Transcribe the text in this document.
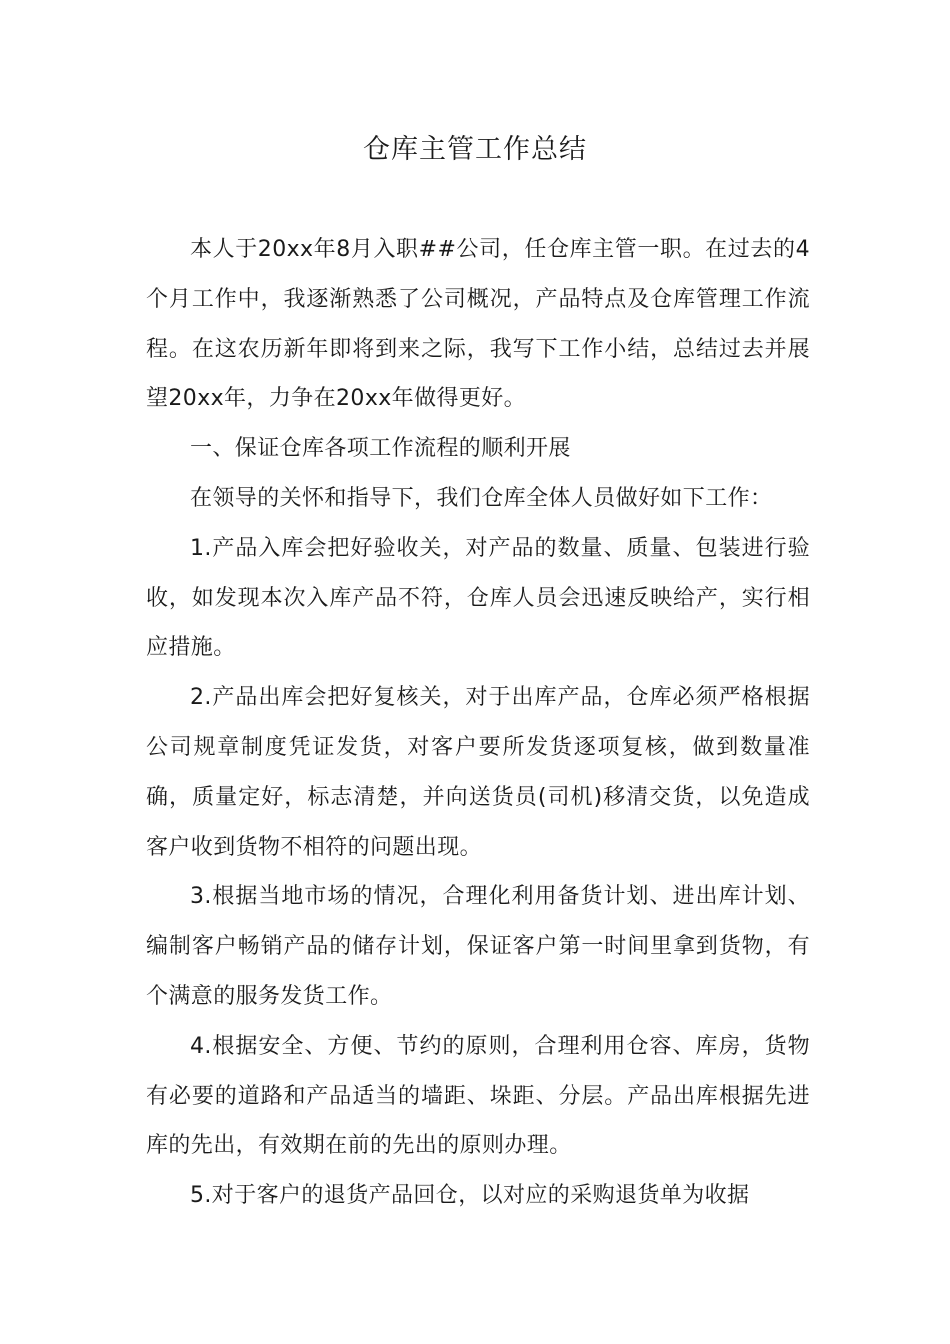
仓库主管工作总结

本人于20xx年8月入职##公司，任仓库主管一职。在过去的4个月工作中，我逐渐熟悉了公司概况，产品特点及仓库管理工作流程。在这农历新年即将到来之际，我写下工作小结，总结过去并展望20xx年，力争在20xx年做得更好。

一、保证仓库各项工作流程的顺利开展

在领导的关怀和指导下，我们仓库全体人员做好如下工作：

1.产品入库会把好验收关，对产品的数量、质量、包装进行验收，如发现本次入库产品不符，仓库人员会迅速反映给产，实行相应措施。

2.产品出库会把好复核关，对于出库产品，仓库必须严格根据公司规章制度凭证发货，对客户要所发货逐项复核，做到数量准确，质量定好，标志清楚，并向送货员(司机)移清交货，以免造成客户收到货物不相符的问题出现。

3.根据当地市场的情况，合理化利用备货计划、进出库计划、编制客户畅销产品的储存计划，保证客户第一时间里拿到货物，有个满意的服务发货工作。

4.根据安全、方便、节约的原则，合理利用仓容、库房，货物有必要的道路和产品适当的墙距、垛距、分层。产品出库根据先进库的先出，有效期在前的先出的原则办理。

5.对于客户的退货产品回仓，以对应的采购退货单为收据
